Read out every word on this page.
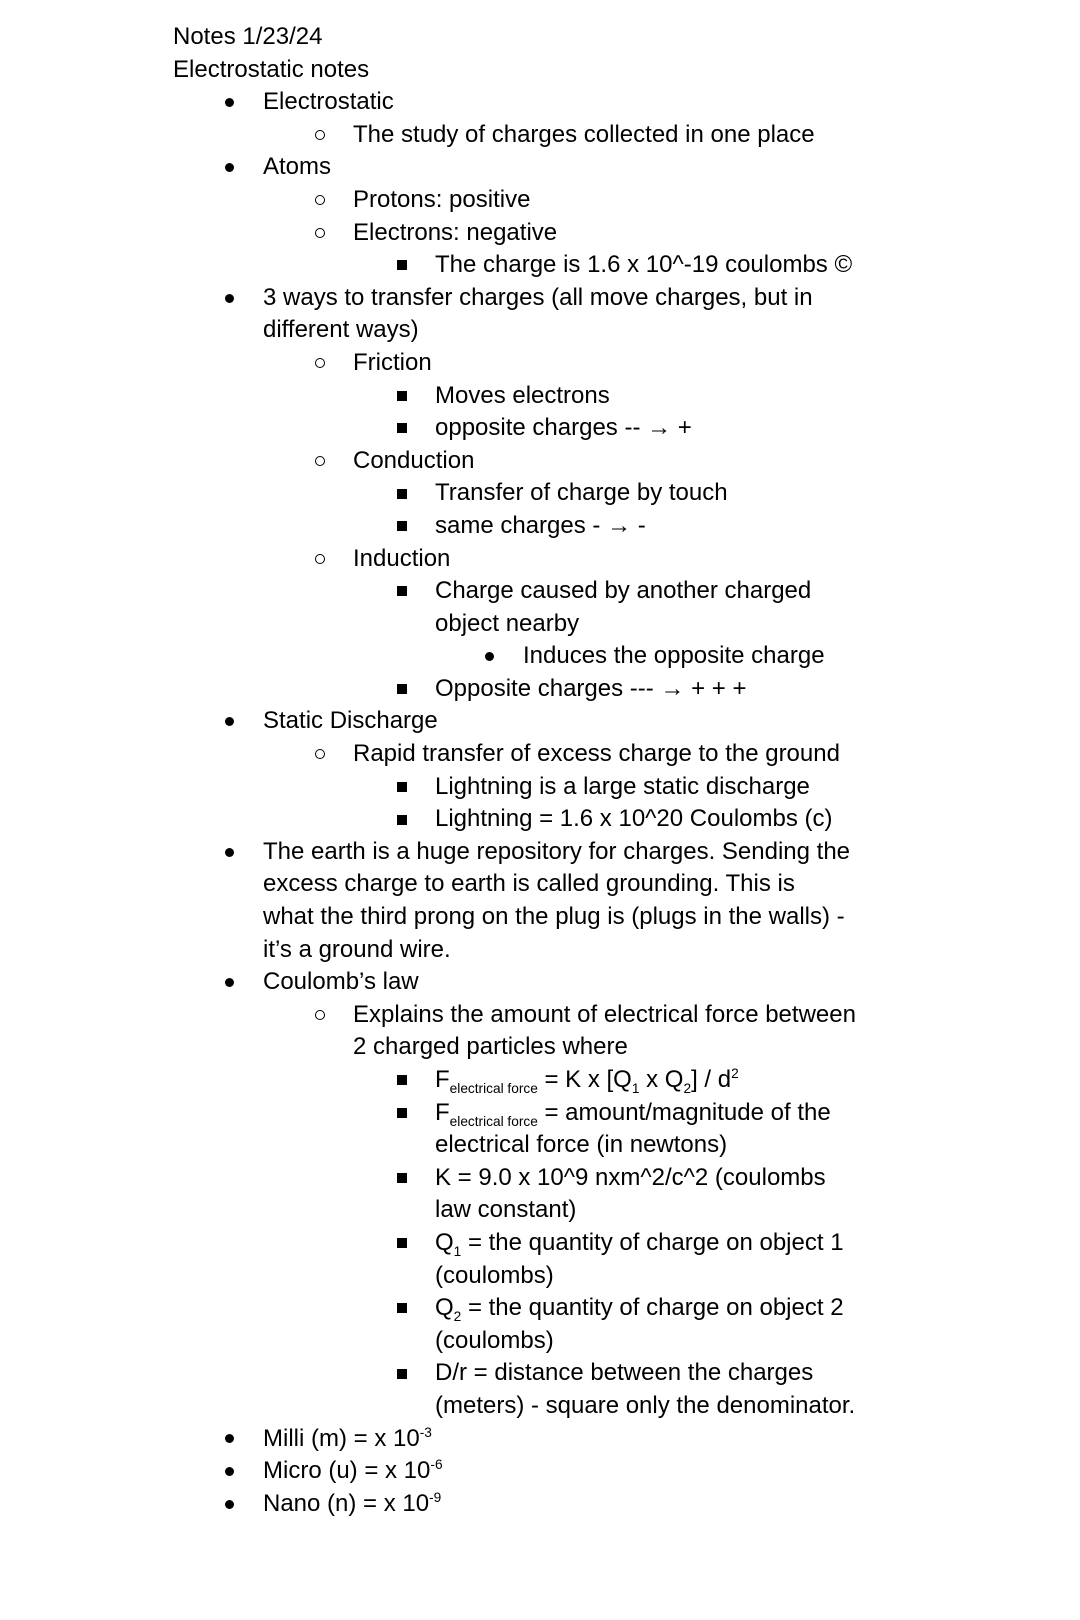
Notes 1/23/24
Electrostatic notes
Electrostatic
The study of charges collected in one place
Atoms
Protons: positive
Electrons: negative
The charge is 1.6 x 10^-19 coulombs ©
3 ways to transfer charges (all move charges, but in
different ways)
Friction
Moves electrons
opposite charges -- → +
Conduction
Transfer of charge by touch
same charges - → -
Induction
Charge caused by another charged
object nearby
Induces the opposite charge
Opposite charges --- → + + +
Static Discharge
Rapid transfer of excess charge to the ground
Lightning is a large static discharge
Lightning = 1.6 x 10^20 Coulombs (c)
The earth is a huge repository for charges. Sending the
excess charge to earth is called grounding. This is
what the third prong on the plug is (plugs in the walls) -
it’s a ground wire.
Coulomb’s law
Explains the amount of electrical force between
2 charged particles where
$F_{electrical force} = K$ x [$Q_1$ x $Q_2] / d^2$
$F_{electrical force}$ = amount/magnitude of the
electrical force (in newtons)
K = 9.0 x 10^9 nxm^2/c^2 (coulombs
law constant)
$Q_1$ = the quantity of charge on object 1
(coulombs)
$Q_2$ = the quantity of charge on object 2
(coulombs)
D/r = distance between the charges
(meters) - square only the denominator.
Milli (m) = x $10^{-3}$
Micro (u) = x $10^{-6}$
Nano (n) = x $10^{-9}$
